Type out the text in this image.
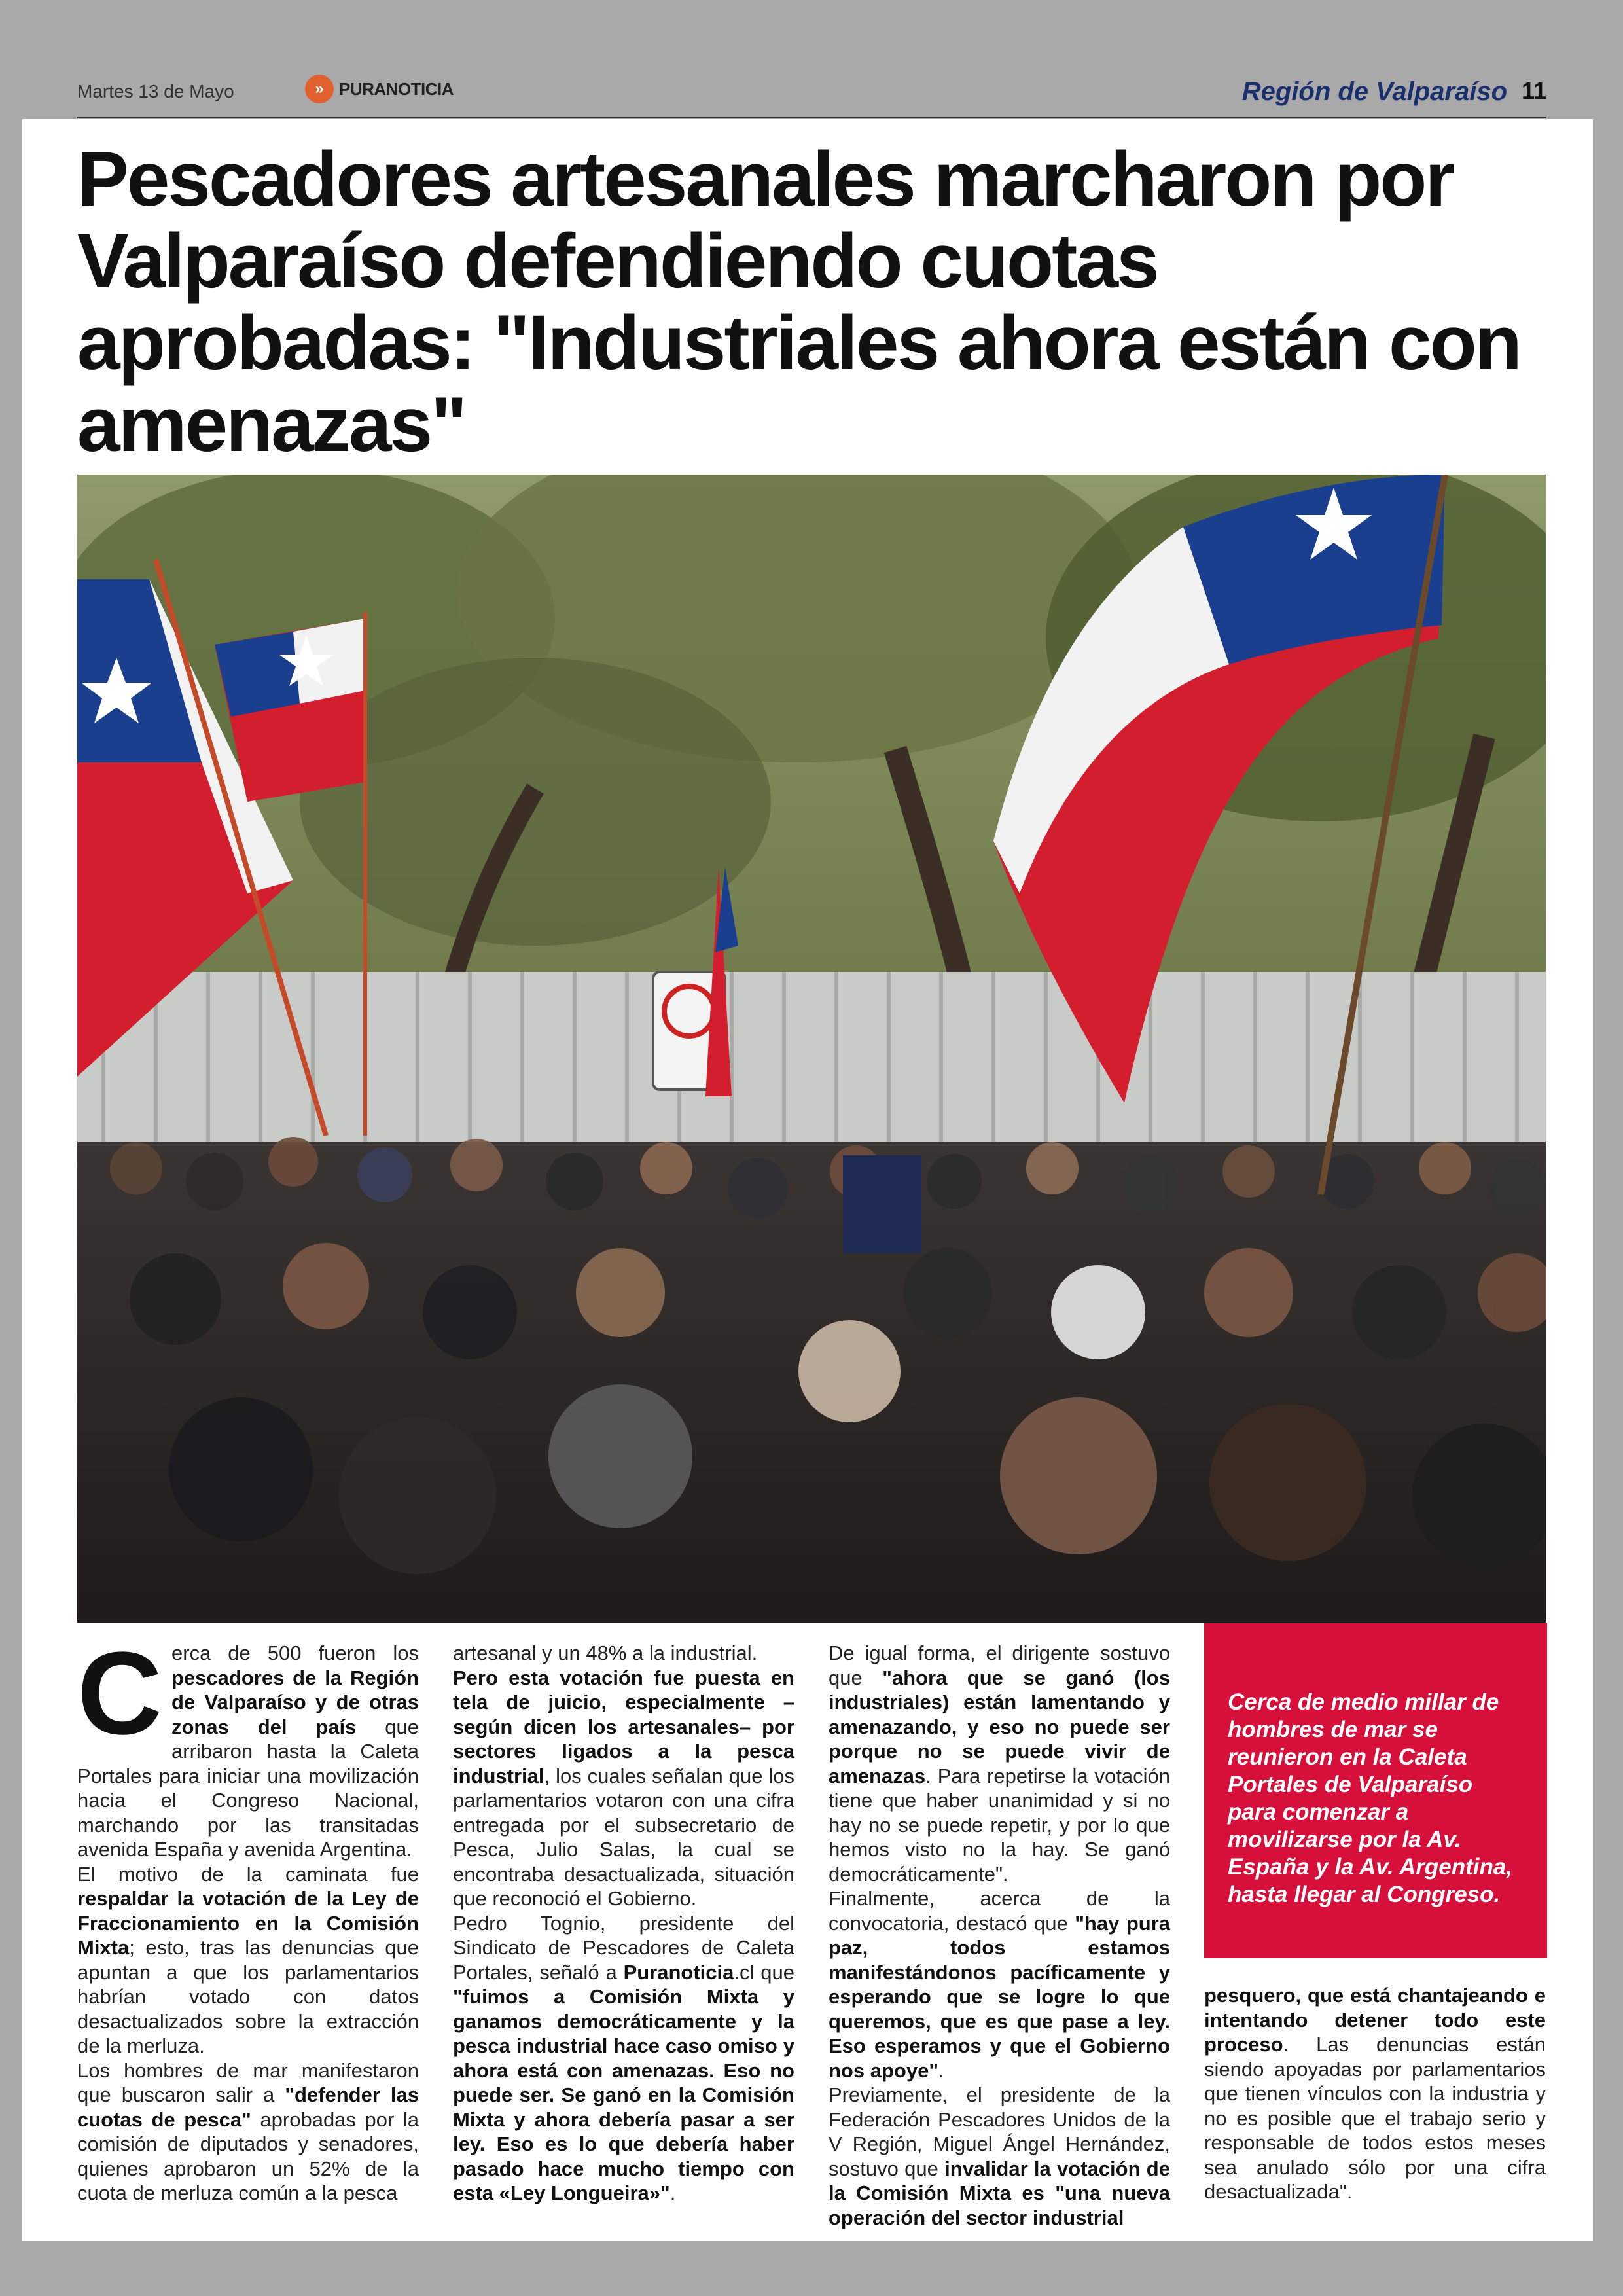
Martes 13 de Mayo	» PURANOTICIA	Región de Valparaíso 11
Pescadores artesanales marcharon por Valparaíso defendiendo cuotas aprobadas: "Industriales ahora están con amenazas"
C erca de 500 fueron los pescadores de la Región de Valparaíso y de otras zonas del país que arribaron hasta la Caleta Portales para iniciar una movilización hacia el Congreso Nacional, marchando por las transitadas avenida España y avenida Argentina.

El motivo de la caminata fue respaldar la votación de la Ley de Fraccionamiento en la Comisión Mixta; esto, tras las denuncias que apuntan a que los parlamentarios habrían votado con datos desactualizados sobre la extracción de la merluza.

Los hombres de mar manifestaron que buscaron salir a "defender las cuotas de pesca" aprobadas por la comisión de diputados y senadores, quienes aprobaron un 52% de la cuota de merluza común a la pesca

artesanal y un 48% a la industrial.

Pero esta votación fue puesta en tela de juicio, especialmente –según dicen los artesanales– por sectores ligados a la pesca industrial, los cuales señalan que los parlamentarios votaron con una cifra entregada por el subsecretario de Pesca, Julio Salas, la cual se encontraba desactualizada, situación que reconoció el Gobierno.

Pedro Tognio, presidente del Sindicato de Pescadores de Caleta Portales, señaló a Puranoticia.cl que "fuimos a Comisión Mixta y ganamos democráticamente y la pesca industrial hace caso omiso y ahora está con amenazas. Eso no puede ser. Se ganó en la Comisión Mixta y ahora debería pasar a ser ley. Eso es lo que debería haber pasado hace mucho tiempo con esta «Ley Longueira»".

De igual forma, el dirigente sostuvo que "ahora que se ganó (los industriales) están lamentando y amenazando, y eso no puede ser porque no se puede vivir de amenazas. Para repetirse la votación tiene que haber unanimidad y si no hay no se puede repetir, y por lo que hemos visto no la hay. Se ganó democráticamente".

Finalmente, acerca de la convocatoria, destacó que "hay pura paz, todos estamos manifestándonos pacíficamente y esperando que se logre lo que queremos, que es que pase a ley. Eso esperamos y que el Gobierno nos apoye".

Previamente, el presidente de la Federación Pescadores Unidos de la V Región, Miguel Ángel Hernández, sostuvo que invalidar la votación de la Comisión Mixta es "una nueva operación del sector industrial

Cerca de medio millar de hombres de mar se reunieron en la Caleta Portales de Valparaíso para comenzar a movilizarse por la Av. España y la Av. Argentina, hasta llegar al Congreso.

pesquero, que está chantajeando e intentando detener todo este proceso. Las denuncias están siendo apoyadas por parlamentarios que tienen vínculos con la industria y no es posible que el trabajo serio y responsable de todos estos meses sea anulado sólo por una cifra desactualizada".
